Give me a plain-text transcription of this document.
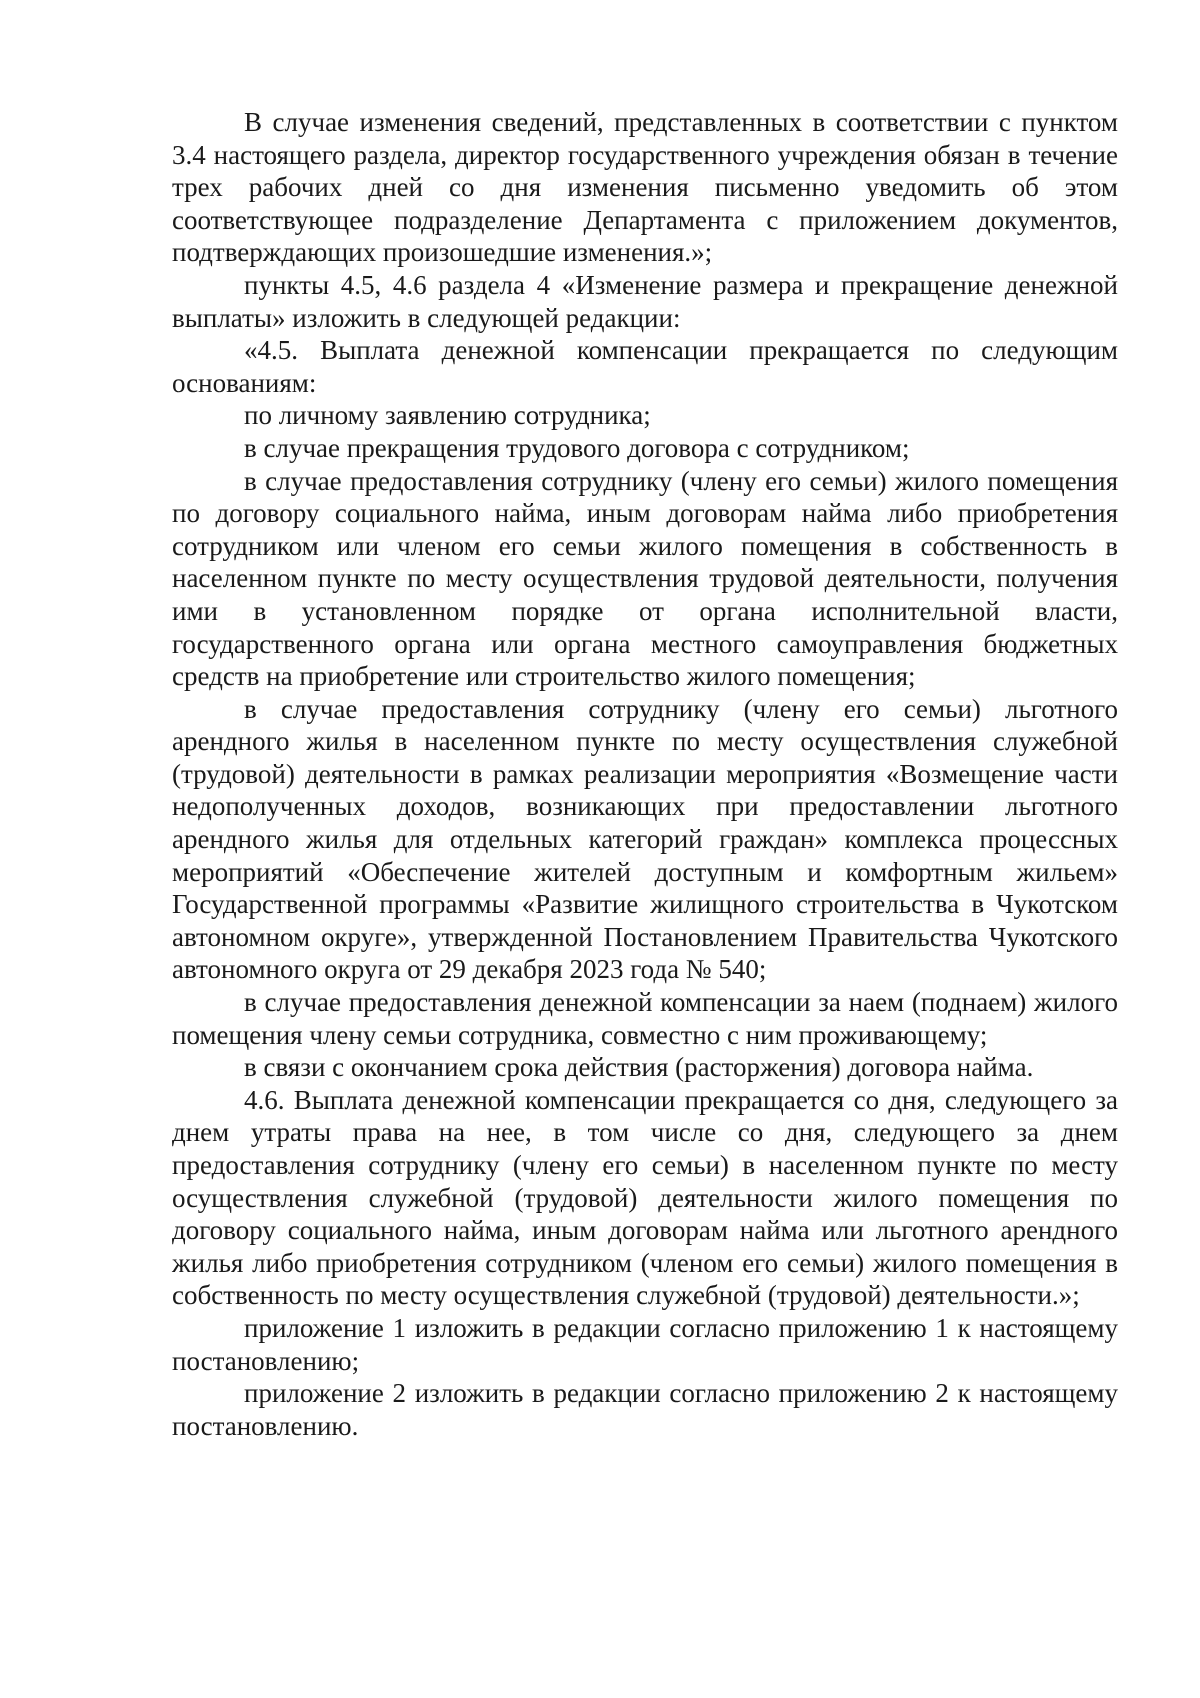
В случае изменения сведений, представленных в соответствии с пунктом 3.4 настоящего раздела, директор государственного учреждения обязан в течение трех рабочих дней со дня изменения письменно уведомить об этом соответствующее подразделение Департамента с приложением документов, подтверждающих произошедшие изменения.»;

пункты 4.5, 4.6 раздела 4 «Изменение размера и прекращение денежной выплаты» изложить в следующей редакции:

«4.5. Выплата денежной компенсации прекращается по следующим основаниям:

по личному заявлению сотрудника;

в случае прекращения трудового договора с сотрудником;

в случае предоставления сотруднику (члену его семьи) жилого помещения по договору социального найма, иным договорам найма либо приобретения сотрудником или членом его семьи жилого помещения в собственность в населенном пункте по месту осуществления трудовой деятельности, получения ими в установленном порядке от органа исполнительной власти, государственного органа или органа местного самоуправления бюджетных средств на приобретение или строительство жилого помещения;

в случае предоставления сотруднику (члену его семьи) льготного арендного жилья в населенном пункте по месту осуществления служебной (трудовой) деятельности в рамках реализации мероприятия «Возмещение части недополученных доходов, возникающих при предоставлении льготного арендного жилья для отдельных категорий граждан» комплекса процессных мероприятий «Обеспечение жителей доступным и комфортным жильем» Государственной программы «Развитие жилищного строительства в Чукотском автономном округе», утвержденной Постановлением Правительства Чукотского автономного округа от 29 декабря 2023 года № 540;

в случае предоставления денежной компенсации за наем (поднаем) жилого помещения члену семьи сотрудника, совместно с ним проживающему;

в связи с окончанием срока действия (расторжения) договора найма.

4.6. Выплата денежной компенсации прекращается со дня, следующего за днем утраты права на нее, в том числе со дня, следующего за днем предоставления сотруднику (члену его семьи) в населенном пункте по месту осуществления служебной (трудовой) деятельности жилого помещения по договору социального найма, иным договорам найма или льготного арендного жилья либо приобретения сотрудником (членом его семьи) жилого помещения в собственность по месту осуществления служебной (трудовой) деятельности.»;

приложение 1 изложить в редакции согласно приложению 1 к настоящему постановлению;

приложение 2 изложить в редакции согласно приложению 2 к настоящему постановлению.
